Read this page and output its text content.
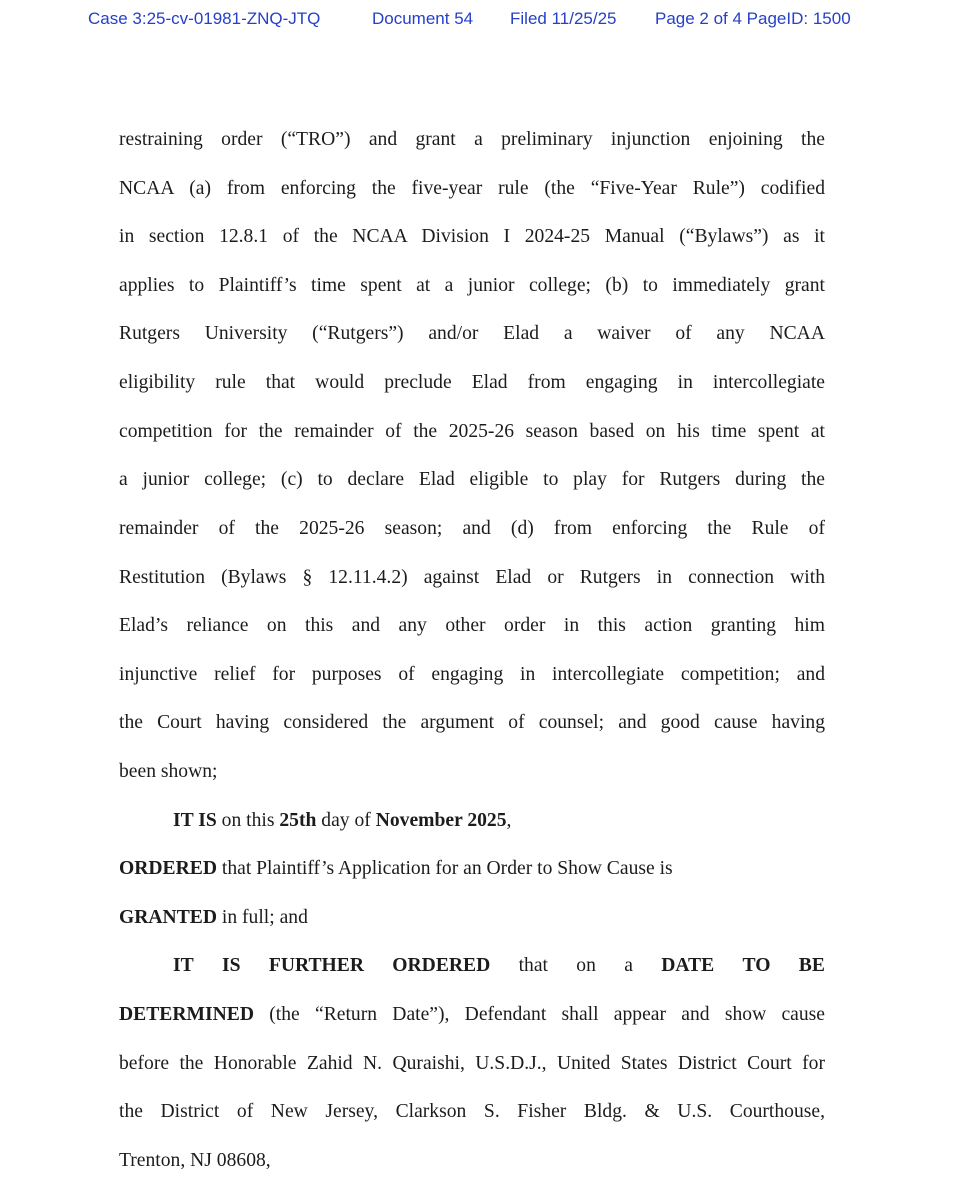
Case 3:25-cv-01981-ZNQ-JTQ	Document 54 Filed 11/25/25 Page 2 of 4 PageID: 1500
restraining order (“TRO”) and grant a preliminary injunction enjoining the
NCAA (a) from enforcing the five-year rule (the “Five-Year Rule”) codified
in section 12.8.1 of the NCAA Division I 2024-25 Manual (“Bylaws”) as it
applies to Plaintiff’s time spent at a junior college; (b) to immediately grant
Rutgers University (“Rutgers”) and/or Elad a waiver of any NCAA
eligibility rule that would preclude Elad from engaging in intercollegiate
competition for the remainder of the 2025-26 season based on his time spent at
a junior college; (c) to declare Elad eligible to play for Rutgers during the
remainder of the 2025-26 season; and (d) from enforcing the Rule of
Restitution (Bylaws § 12.11.4.2) against Elad or Rutgers in connection with
Elad’s reliance on this and any other order in this action granting him
injunctive relief for purposes of engaging in intercollegiate competition; and
the Court having considered the argument of counsel; and good cause having
been shown;
IT IS on this 25th day of November 2025,
ORDERED that Plaintiff’s Application for an Order to Show Cause is
GRANTED in full; and
IT IS FURTHER ORDERED that on a DATE TO BE
DETERMINED (the “Return Date”), Defendant shall appear and show cause
before the Honorable Zahid N. Quraishi, U.S.D.J., United States District Court for
the District of New Jersey, Clarkson S. Fisher Bldg. & U.S. Courthouse,
Trenton, NJ 08608,
